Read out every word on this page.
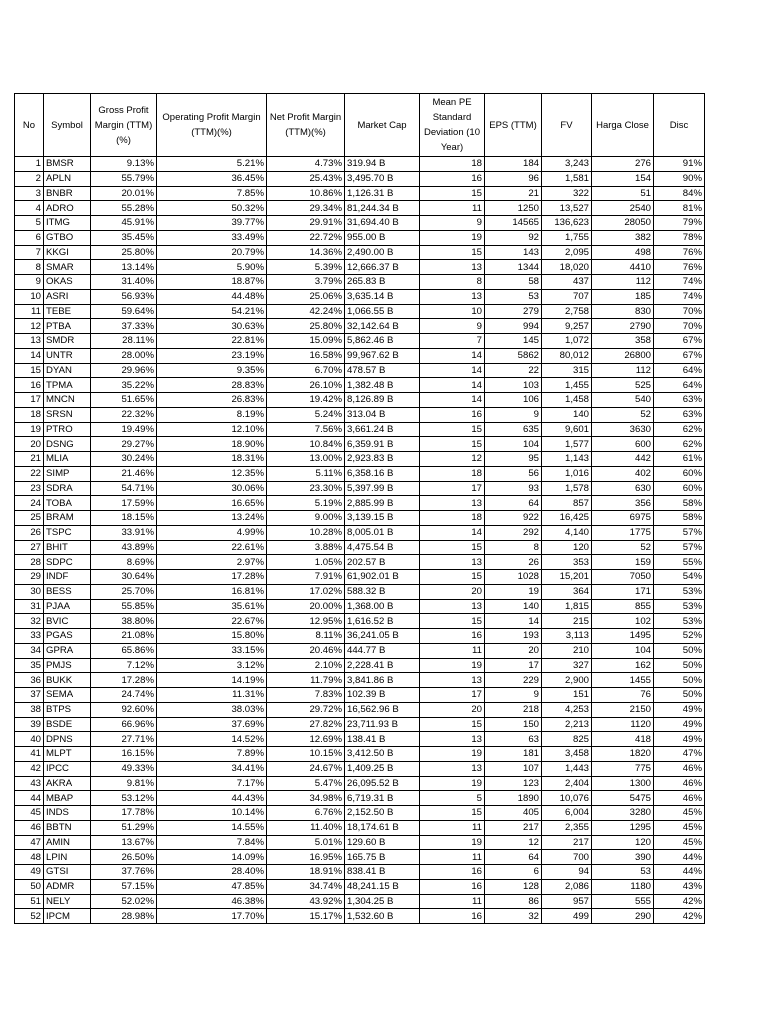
No	Symbol	Gross Profit Margin (TTM)(%)	Operating Profit Margin (TTM)(%)	Net Profit Margin (TTM)(%)	Market Cap	Mean PE Standard Deviation (10 Year)	EPS (TTM)	FV	Harga Close	Disc
1	BMSR	9.13%	5.21%	4.73%	319.94 B	18	184	3,243	276	91%
2	APLN	55.79%	36.45%	25.43%	3,495.70 B	16	96	1,581	154	90%
3	BNBR	20.01%	7.85%	10.86%	1,126.31 B	15	21	322	51	84%
4	ADRO	55.28%	50.32%	29.34%	81,244.34 B	11	1250	13,527	2540	81%
5	ITMG	45.91%	39.77%	29.91%	31,694.40 B	9	14565	136,623	28050	79%
6	GTBO	35.45%	33.49%	22.72%	955.00 B	19	92	1,755	382	78%
7	KKGI	25.80%	20.79%	14.36%	2,490.00 B	15	143	2,095	498	76%
8	SMAR	13.14%	5.90%	5.39%	12,666.37 B	13	1344	18,020	4410	76%
9	OKAS	31.40%	18.87%	3.79%	265.83 B	8	58	437	112	74%
10	ASRI	56.93%	44.48%	25.06%	3,635.14 B	13	53	707	185	74%
11	TEBE	59.64%	54.21%	42.24%	1,066.55 B	10	279	2,758	830	70%
12	PTBA	37.33%	30.63%	25.80%	32,142.64 B	9	994	9,257	2790	70%
13	SMDR	28.11%	22.81%	15.09%	5,862.46 B	7	145	1,072	358	67%
14	UNTR	28.00%	23.19%	16.58%	99,967.62 B	14	5862	80,012	26800	67%
15	DYAN	29.96%	9.35%	6.70%	478.57 B	14	22	315	112	64%
16	TPMA	35.22%	28.83%	26.10%	1,382.48 B	14	103	1,455	525	64%
17	MNCN	51.65%	26.83%	19.42%	8,126.89 B	14	106	1,458	540	63%
18	SRSN	22.32%	8.19%	5.24%	313.04 B	16	9	140	52	63%
19	PTRO	19.49%	12.10%	7.56%	3,661.24 B	15	635	9,601	3630	62%
20	DSNG	29.27%	18.90%	10.84%	6,359.91 B	15	104	1,577	600	62%
21	MLIA	30.24%	18.31%	13.00%	2,923.83 B	12	95	1,143	442	61%
22	SIMP	21.46%	12.35%	5.11%	6,358.16 B	18	56	1,016	402	60%
23	SDRA	54.71%	30.06%	23.30%	5,397.99 B	17	93	1,578	630	60%
24	TOBA	17.59%	16.65%	5.19%	2,885.99 B	13	64	857	356	58%
25	BRAM	18.15%	13.24%	9.00%	3,139.15 B	18	922	16,425	6975	58%
26	TSPC	33.91%	4.99%	10.28%	8,005.01 B	14	292	4,140	1775	57%
27	BHIT	43.89%	22.61%	3.88%	4,475.54 B	15	8	120	52	57%
28	SDPC	8.69%	2.97%	1.05%	202.57 B	13	26	353	159	55%
29	INDF	30.64%	17.28%	7.91%	61,902.01 B	15	1028	15,201	7050	54%
30	BESS	25.70%	16.81%	17.02%	588.32 B	20	19	364	171	53%
31	PJAA	55.85%	35.61%	20.00%	1,368.00 B	13	140	1,815	855	53%
32	BVIC	38.80%	22.67%	12.95%	1,616.52 B	15	14	215	102	53%
33	PGAS	21.08%	15.80%	8.11%	36,241.05 B	16	193	3,113	1495	52%
34	GPRA	65.86%	33.15%	20.46%	444.77 B	11	20	210	104	50%
35	PMJS	7.12%	3.12%	2.10%	2,228.41 B	19	17	327	162	50%
36	BUKK	17.28%	14.19%	11.79%	3,841.86 B	13	229	2,900	1455	50%
37	SEMA	24.74%	11.31%	7.83%	102.39 B	17	9	151	76	50%
38	BTPS	92.60%	38.03%	29.72%	16,562.96 B	20	218	4,253	2150	49%
39	BSDE	66.96%	37.69%	27.82%	23,711.93 B	15	150	2,213	1120	49%
40	DPNS	27.71%	14.52%	12.69%	138.41 B	13	63	825	418	49%
41	MLPT	16.15%	7.89%	10.15%	3,412.50 B	19	181	3,458	1820	47%
42	IPCC	49.33%	34.41%	24.67%	1,409.25 B	13	107	1,443	775	46%
43	AKRA	9.81%	7.17%	5.47%	26,095.52 B	19	123	2,404	1300	46%
44	MBAP	53.12%	44.43%	34.98%	6,719.31 B	5	1890	10,076	5475	46%
45	INDS	17.78%	10.14%	6.76%	2,152.50 B	15	405	6,004	3280	45%
46	BBTN	51.29%	14.55%	11.40%	18,174.61 B	11	217	2,355	1295	45%
47	AMIN	13.67%	7.84%	5.01%	129.60 B	19	12	217	120	45%
48	LPIN	26.50%	14.09%	16.95%	165.75 B	11	64	700	390	44%
49	GTSI	37.76%	28.40%	18.91%	838.41 B	16	6	94	53	44%
50	ADMR	57.15%	47.85%	34.74%	48,241.15 B	16	128	2,086	1180	43%
51	NELY	52.02%	46.38%	43.92%	1,304.25 B	11	86	957	555	42%
52	IPCM	28.98%	17.70%	15.17%	1,532.60 B	16	32	499	290	42%
